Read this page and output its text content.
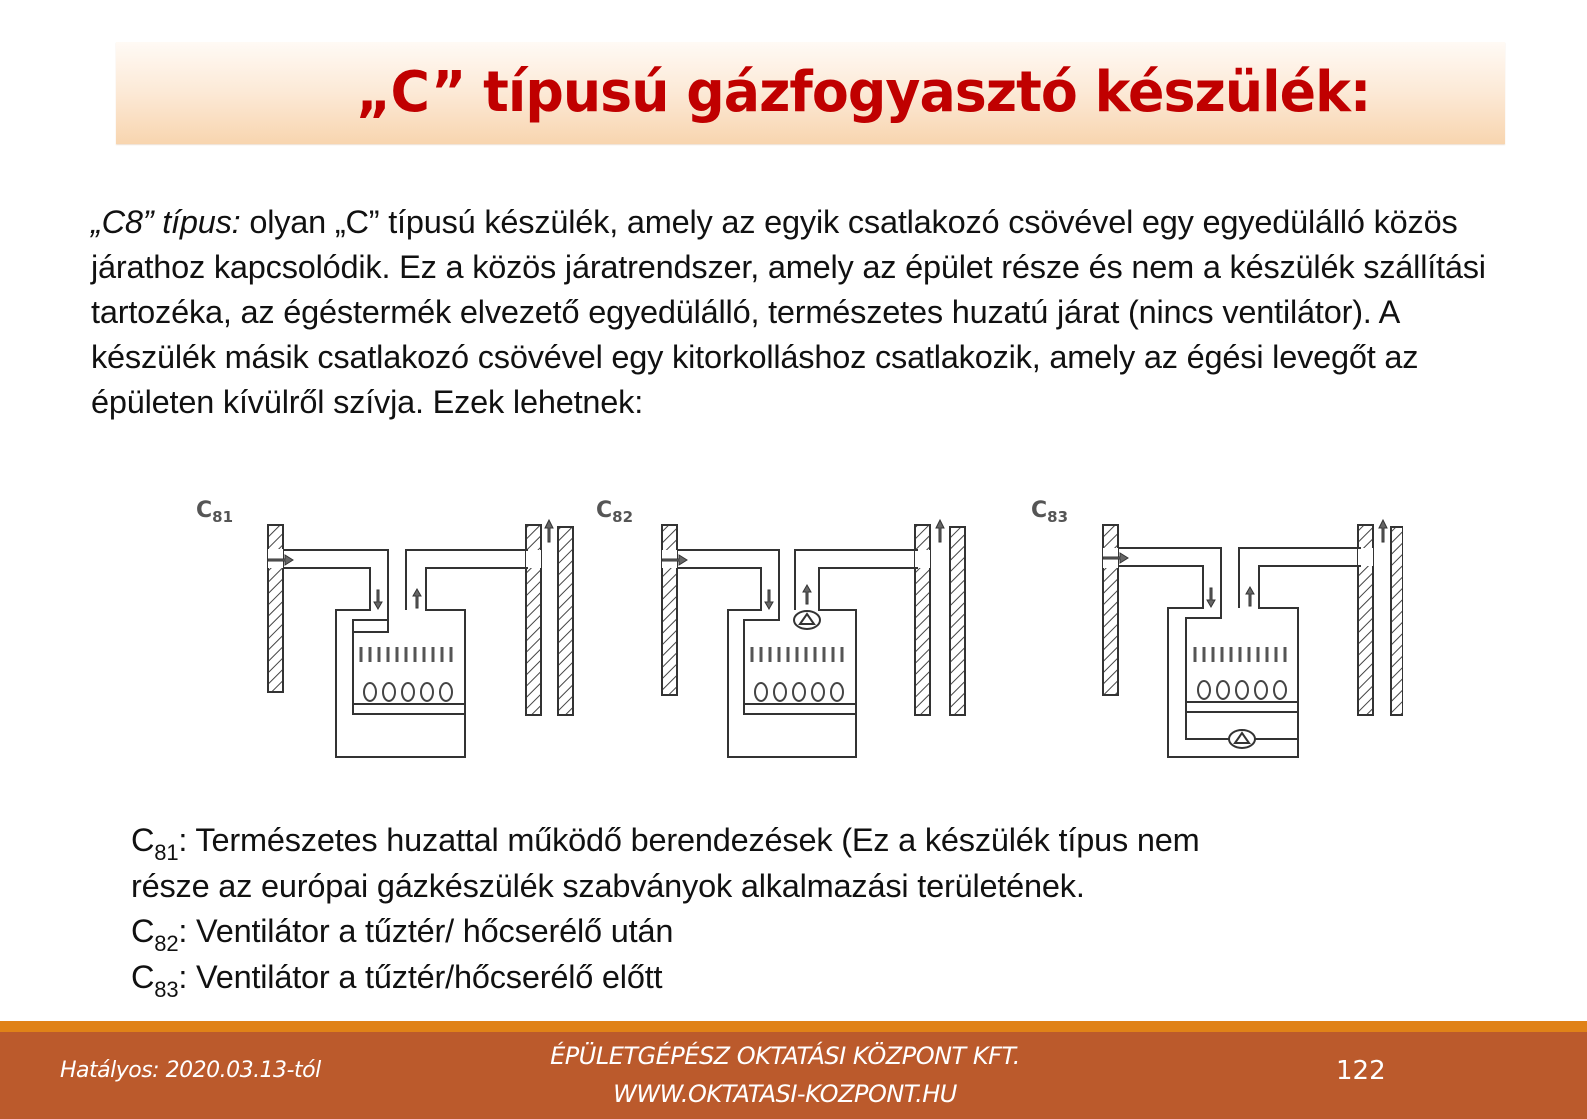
„C” típusú gázfogyasztó készülék:
„C8” típus: olyan „C” típusú készülék, amely az egyik csatlakozó csövével egy egyedülálló közös járathoz kapcsolódik. Ez a közös járatrendszer, amely az épület része és nem a készülék szállítási tartozéka, az égéstermék elvezető egyedülálló, természetes huzatú járat (nincs ventilátor). A készülék másik csatlakozó csövével egy kitorkolláshoz csatlakozik, amely az égési levegőt az épületen kívülről szívja. Ezek lehetnek:
$C_{81}$	$C_{82}$	$C_{83}$
$C_{81}$: Természetes huzattal működő berendezések (Ez a készülék típus nem
része az európai gázkészülék szabványok alkalmazási területének.
$C_{82}$: Ventilátor a tűztér/ hőcserélő után
$C_{83}$: Ventilátor a tűztér/hőcserélő előtt
Hatályos: 2020.03.13-tól
ÉPÜLETGÉPÉSZ OKTATÁSI KÖZPONT KFT.
WWW.OKTATASI-KOZPONT.HU
122
